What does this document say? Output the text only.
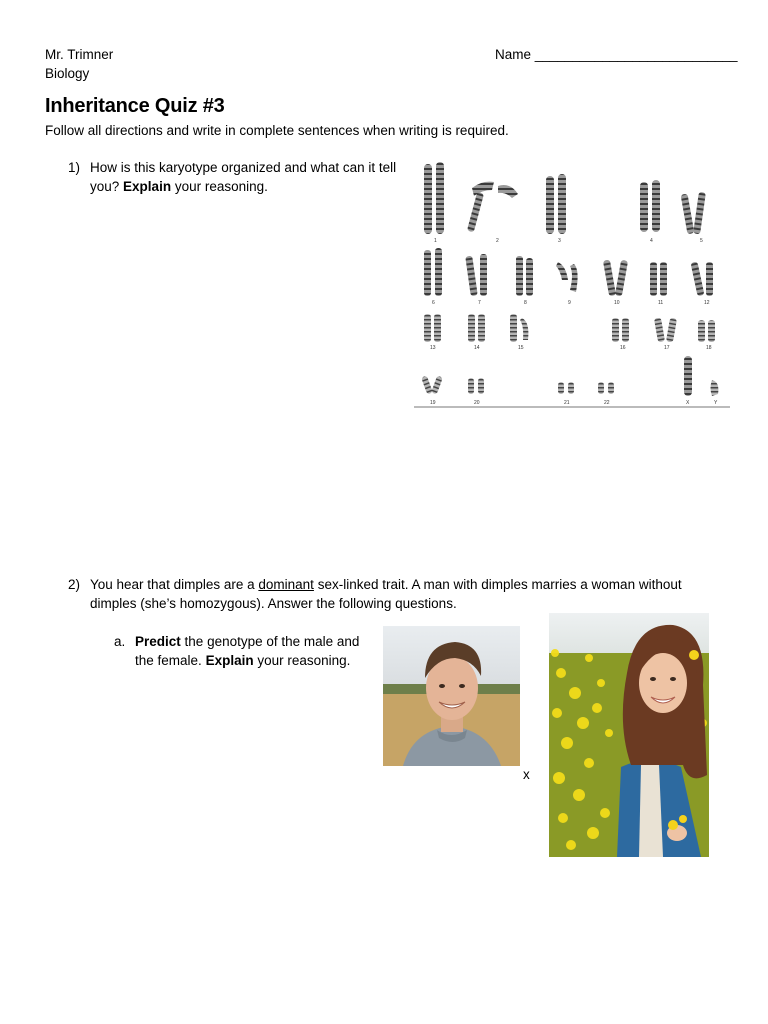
Mr. Trimner
Biology
Name ___________________________
Inheritance Quiz #3
Follow all directions and write in complete sentences when writing is required.
1) How is this karyotype organized and what can it tell
you? Explain your reasoning.
1	2	3	4	5
6	7	8	9	10	11	12
13	14	15	16	17	18
19	20	21	22	X	Y
2) You hear that dimples are a dominant sex-linked trait. A man with dimples marries a woman without
dimples (she’s homozygous). Answer the following questions.
a. Predict the genotype of the male and
the female. Explain your reasoning.
x
